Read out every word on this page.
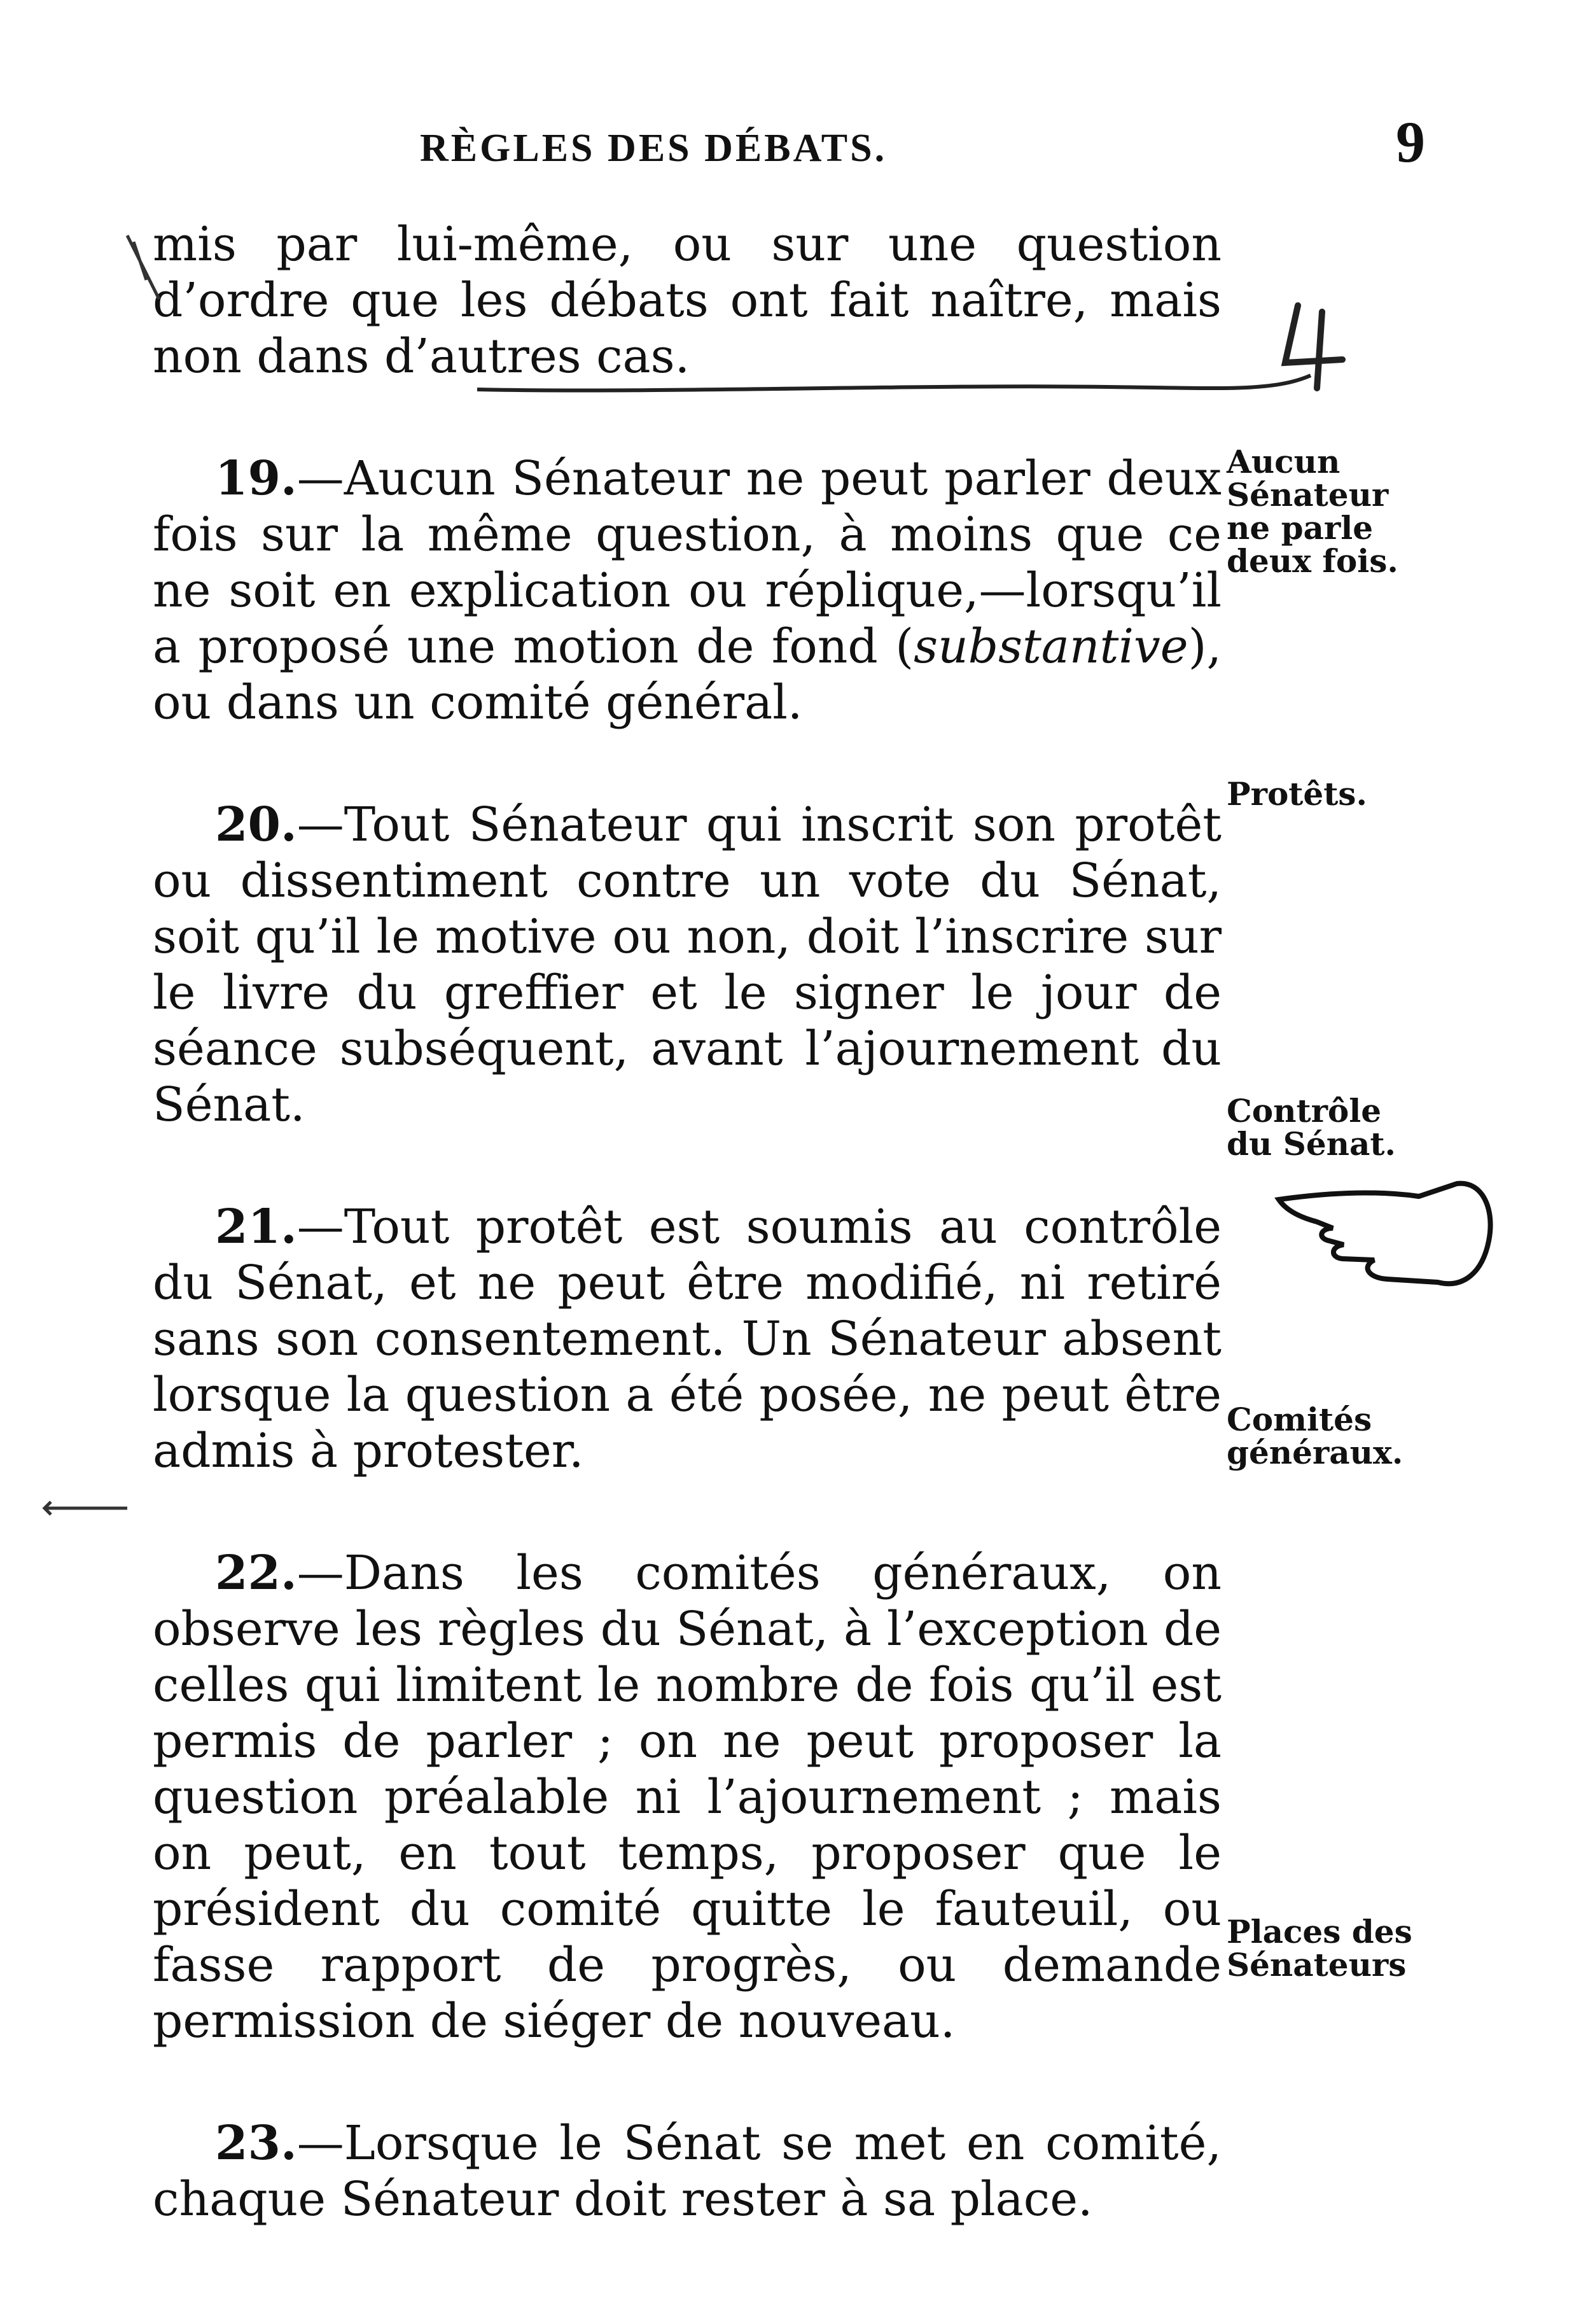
RÈGLES DES DÉBATS.	9

mis par lui-même, ou sur une question d’ordre que les débats ont fait naître, mais non dans d’autres cas.

19.—Aucun Sénateur ne peut parler deux fois sur la même question, à moins que ce ne soit en explication ou réplique,—lorsqu’il a proposé une motion de fond (substantive), ou dans un comité général.

20.—Tout Sénateur qui inscrit son protêt ou dissentiment contre un vote du Sénat, soit qu’il le motive ou non, doit l’inscrire sur le livre du greffier et le signer le jour de séance subséquent, avant l’ajournement du Sénat.

21.—Tout protêt est soumis au contrôle du Sénat, et ne peut être modifié, ni retiré sans son consentement. Un Sénateur absent lorsque la question a été posée, ne peut être admis à protester.

22.—Dans les comités généraux, on observe les règles du Sénat, à l’exception de celles qui limitent le nombre de fois qu’il est permis de parler ; on ne peut proposer la question préalable ni l’ajournement ; mais on peut, en tout temps, proposer que le président du comité quitte le fauteuil, ou fasse rapport de progrès, ou demande permission de siéger de nouveau.

23.—Lorsque le Sénat se met en comité, chaque Sénateur doit rester à sa place.

Aucun
Sénateur
ne parle
deux fois.
Protêts.
Contrôle
du Sénat.
Comités
généraux.
Places des
Sénateurs
